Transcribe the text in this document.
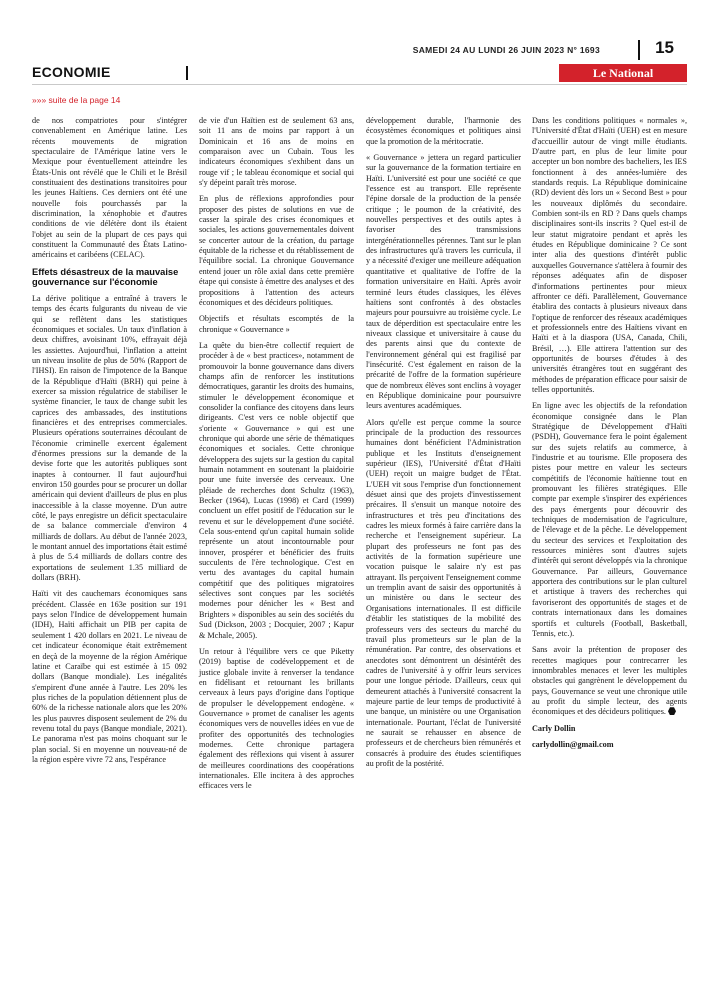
SAMEDI 24 AU LUNDI 26 JUIN 2023 N° 1693	15
ECONOMIE	Le National
»»» suite de la page 14

de nos compatriotes pour s'intégrer convenablement en Amérique latine. Les récents mouvements de migration spectaculaire de l'Amérique latine vers le Mexique pour éventuellement atteindre les États-Unis ont révélé que le Chili et le Brésil constituaient des destinations transitoires pour les jeunes Haïtiens. Ces derniers ont été une nouvelle fois pourchassés par la discrimination, la xénophobie et d'autres conditions de vie délétère dont ils étaient l'objet au sein de la plupart de ces pays qui constituent la Communauté des États Latino-américains et caribéens (CELAC).

Effets désastreux de la mauvaise gouvernance sur l'économie

La dérive politique a entraîné à travers le temps des écarts fulgurants du niveau de vie qui se reflètent dans les statistiques économiques et sociales. Un taux d'inflation à deux chiffres, avoisinant 10%, effrayait déjà les assiettes. Aujourd'hui, l'inflation a atteint un niveau insolite de plus de 50% (Rapport de l'IHSI). En raison de l'impotence de la Banque de la République d'Haïti (BRH) qui peine à exercer sa mission régulatrice de stabiliser le système financier, le taux de change subit les caprices des ambassades, des institutions financières et des entreprises commerciales. Plusieurs opérations souterraines découlant de l'économie criminelle exercent également d'énormes pressions sur la demande de la devise forte que les autorités publiques sont inaptes à contourner. Il faut aujourd'hui environ 150 gourdes pour se procurer un dollar américain qui devient d'ailleurs de plus en plus inaccessible à la classe moyenne. D'un autre côté, le pays enregistre un déficit spectaculaire de sa balance commerciale d'environ 4 milliards de dollars. Au début de l'année 2023, le montant annuel des importations était estimé à plus de 5.4 milliards de dollars contre des exportations de seulement 1.35 milliard de dollars (BRH).

Haïti vit des cauchemars économiques sans précédent. Classée en 163e position sur 191 pays selon l'Indice de développement humain (IDH), Haïti affichait un PIB per capita de seulement 1 420 dollars en 2021. Le niveau de cet indicateur économique était extrêmement en deçà de la moyenne de la région Amérique latine et Caraïbe qui est estimée à 15 092 dollars (Banque mondiale). Les inégalités s'empirent d'une année à l'autre. Les 20% les plus riches de la population détiennent plus de 60% de la richesse nationale alors que les 20% les plus pauvres disposent seulement de 2% du revenu total du pays (Banque mondiale, 2021). Le panorama n'est pas moins choquant sur le plan social. Si en moyenne un nouveau-né de la région espère vivre 72 ans, l'espérance

de vie d'un Haïtien est de seulement 63 ans, soit 11 ans de moins par rapport à un Dominicain et 16 ans de moins en comparaison avec un Cubain. Tous les indicateurs économiques s'exhibent dans un rouge vif ; le tableau économique et social qui s'y dépeint paraît très morose.

En plus de réflexions approfondies pour proposer des pistes de solutions en vue de casser la spirale des crises économiques et sociales, les actions gouvernementales doivent se concerter autour de la création, du partage équitable de la richesse et du rétablissement de l'équilibre social. La chronique Gouvernance entend jouer un rôle axial dans cette première étape qui consiste à émettre des analyses et des propositions à l'attention des acteurs économiques et des décideurs politiques.

Objectifs et résultats escomptés de la chronique « Gouvernance »

La quête du bien-être collectif requiert de procéder à de « best practices», notamment de promouvoir la bonne gouvernance dans divers champs afin de renforcer les institutions démocratiques, garantir les droits des humains, stimuler le développement économique et consolider la confiance des citoyens dans leurs dirigeants. C'est vers ce noble objectif que s'oriente « Gouvernance » qui est une chronique qui aborde une série de thématiques économiques et sociales. Cette chronique développera des sujets sur la gestion du capital humain notamment en soutenant la plaidoirie pour une fuite inversée des cerveaux. Une pléiade de recherches dont Schultz (1963), Becker (1964), Lucas (1998) et Card (1999) concluent un effet positif de l'éducation sur le revenu et sur le développement d'une société. Cela sous-entend qu'un capital humain solide représente un atout incontournable pour innover, prospérer et bénéficier des fruits succulents de l'ère technologique. C'est en vertu des avantages du capital humain compétitif que des politiques migratoires sélectives sont conçues par les sociétés modernes pour dénicher les « Best and Brighters » disponibles au sein des sociétés du Sud (Dickson, 2003 ; Docquier, 2007 ; Kapur & Mchale, 2005).

Un retour à l'équilibre vers ce que Piketty (2019) baptise de codéveloppement et de justice globale invite à renverser la tendance en fidélisant et retournant les brillants cerveaux à leurs pays d'origine dans l'optique de propulser le développement endogène. « Gouvernance » promet de canaliser les agents économiques vers de nouvelles idées en vue de profiter des opportunités des technologies modernes. Cette chronique partagera également des réflexions qui visent à assurer de meilleures coordinations des coopérations internationales. Elle incitera à des approches efficaces vers le

développement durable, l'harmonie des écosystèmes économiques et politiques ainsi que la promotion de la méritocratie.

« Gouvernance » jettera un regard particulier sur la gouvernance de la formation tertiaire en Haïti. L'université est pour une société ce que l'essence est au transport. Elle représente l'épine dorsale de la production de la pensée critique ; le poumon de la créativité, des nouvelles perspectives et des outils aptes à favoriser des transmissions intergénérationnelles pérennes. Tant sur le plan des infrastructures qu'à travers les curricula, il y a nécessité d'exiger une meilleure adéquation quantitative et qualitative de l'offre de la formation universitaire en Haïti. Après avoir terminé leurs études classiques, les élèves haïtiens sont confrontés à des obstacles majeurs pour poursuivre au troisième cycle. Le taux de déperdition est spectaculaire entre les niveaux classique et universitaire à cause du des parents ainsi que du contexte de l'environnement général qui est fragilisé par l'insécurité. C'est également en raison de la précarité de l'offre de la formation supérieure que de nombreux élèves sont enclins à voyager en République dominicaine pour poursuivre leurs aventures académiques.

Alors qu'elle est perçue comme la source principale de la production des ressources humaines dont bénéficient l'Administration publique et les Instituts d'enseignement supérieur (IES), l'Université d'État d'Haïti (UEH) reçoit un maigre budget de l'État. L'UEH vit sous l'emprise d'un fonctionnement désuet ainsi que des projets d'investissement précaires. Il s'ensuit un manque notoire des infrastructures et très peu d'incitations des cadres les mieux formés à faire carrière dans la recherche et l'enseignement supérieur. La plupart des professeurs ne font pas des activités de la formation supérieure une vocation puisque le salaire n'y est pas attrayant. Ils perçoivent l'enseignement comme un tremplin avant de saisir des opportunités à un ministère ou dans le secteur des Organisations internationales. Il est difficile d'établir les statistiques de la mobilité des professeurs vers des secteurs du marché du travail plus prometteurs sur le plan de la rémunération. Par contre, des observations et anecdotes sont démontrent un désintérêt des cadres de l'université à y offrir leurs services pour une longue période. D'ailleurs, ceux qui demeurent attachés à l'université consacrent la majeure partie de leur temps de productivité à une banque, un ministère ou une Organisation internationale. Pourtant, l'éclat de l'université ne saurait se rehausser en absence de professeurs et de chercheurs bien rémunérés et consacrés à produire des études scientifiques au profit de la postérité.

Dans les conditions politiques « normales », l'Université d'État d'Haïti (UEH) est en mesure d'accueillir autour de vingt mille étudiants. D'autre part, en plus de leur limite pour accepter un bon nombre des bacheliers, les IES fonctionnent à des années-lumière des standards requis. La République dominicaine (RD) devient dès lors un « Second Best » pour les nouveaux diplômés du secondaire. Combien sont-ils en RD ? Dans quels champs disciplinaires sont-ils inscrits ? Quel est-il de leur statut migratoire pendant et après les études en République dominicaine ? Ce sont inter alia des questions d'intérêt public auxquelles Gouvernance s'attèlera à fournir des réponses adéquates afin de disposer d'informations pertinentes pour mieux affronter ce défi. Parallèlement, Gouvernance établira des contacts à plusieurs niveaux dans l'optique de renforcer des réseaux académiques et professionnels entre des Haïtiens vivant en Haïti et à la diaspora (USA, Canada, Chili, Brésil, …). Elle attirera l'attention sur des opportunités de bourses d'études à des universités étrangères tout en suggérant des méthodes de préparation efficace pour saisir de telles opportunités.

En ligne avec les objectifs de la refondation économique consignée dans le Plan Stratégique de Développement d'Haïti (PSDH), Gouvernance fera le point également sur des sujets relatifs au commerce, à l'industrie et au tourisme. Elle proposera des pistes pour mettre en valeur les secteurs compétitifs de l'économie haïtienne tout en promouvant les filières stratégiques. Elle compte par exemple s'inspirer des expériences des pays émergents pour découvrir des techniques de modernisation de l'agriculture, de l'élevage et de la pêche. Le développement du secteur des services et l'exploitation des ressources minières sont d'autres sujets d'intérêt qui seront développés via la chronique Gouvernance. Par ailleurs, Gouvernance apportera des contributions sur le plan culturel et artistique à travers des recherches qui favoriseront des opportunités de stages et de contrats internationaux dans les domaines sportifs et culturels (Football, Basketball, Tennis, etc.).

Sans avoir la prétention de proposer des recettes magiques pour contrecarrer les innombrables menaces et lever les multiples obstacles qui gangrènent le développement du pays, Gouvernance se veut une chronique utile au profit du simple lecteur, des agents économiques et des décideurs politiques.

Carly Dollin

carlydollin@gmail.com
